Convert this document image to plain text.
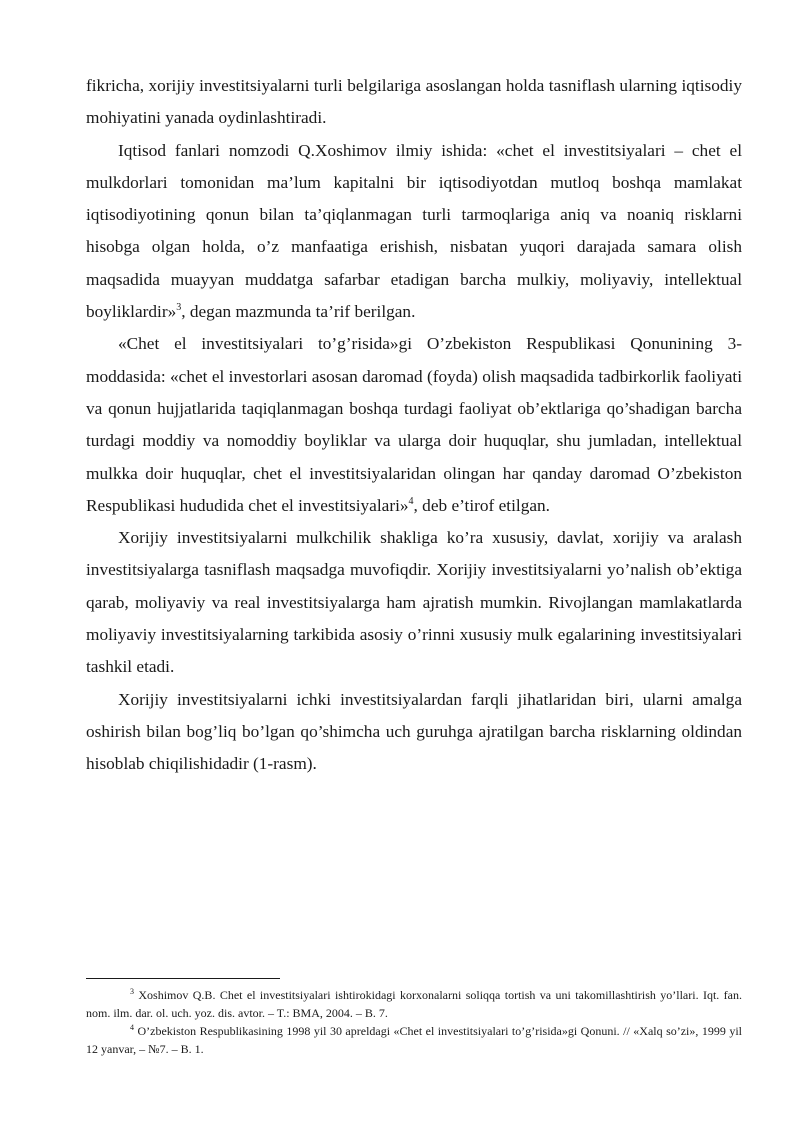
fikricha, xorijiy investitsiyalarni turli belgilariga asoslangan holda tasniflash ularning iqtisodiy mohiyatini yanada oydinlashtiradi.

Iqtisod fanlari nomzodi Q.Xoshimov ilmiy ishida: «chet el investitsiyalari – chet el mulkdorlari tomonidan ma’lum kapitalni bir iqtisodiyotdan mutloq boshqa mamlakat iqtisodiyotining qonun bilan ta’qiqlanmagan turli tarmoqlariga aniq va noaniq risklarni hisobga olgan holda, o’z manfaatiga erishish, nisbatan yuqori darajada samara olish maqsadida muayyan muddatga safarbar etadigan barcha mulkiy, moliyaviy, intellektual boyliklardir»$^3$, degan mazmunda ta’rif berilgan.

«Chet el investitsiyalari to’g’risida»gi O’zbekiston Respublikasi Qonunining 3-moddasida: «chet el investorlari asosan daromad (foyda) olish maqsadida tadbirkorlik faoliyati va qonun hujjatlarida taqiqlanmagan boshqa turdagi faoliyat ob’ektlariga qo’shadigan barcha turdagi moddiy va nomoddiy boyliklar va ularga doir huquqlar, shu jumladan, intellektual mulkka doir huquqlar, chet el investitsiyalaridan olingan har qanday daromad O’zbekiston Respublikasi hududida chet el investitsiyalari»$^4$, deb e’tirof etilgan.

Xorijiy investitsiyalarni mulkchilik shakliga ko’ra xususiy, davlat, xorijiy va aralash investitsiyalarga tasniflash maqsadga muvofiqdir. Xorijiy investitsiyalarni yo’nalish ob’ektiga qarab, moliyaviy va real investitsiyalarga ham ajratish mumkin. Rivojlangan mamlakatlarda moliyaviy investitsiyalarning tarkibida asosiy o’rinni xususiy mulk egalarining investitsiyalari tashkil etadi.

Xorijiy investitsiyalarni ichki investitsiyalardan farqli jihatlaridan biri, ularni amalga oshirish bilan bog’liq bo’lgan qo’shimcha uch guruhga ajratilgan barcha risklarning oldindan hisoblab chiqilishidadir (1-rasm).

$^3$ Xoshimov Q.B. Chet el investitsiyalari ishtirokidagi korxonalarni soliqqa tortish va uni takomillashtirish yo’llari. Iqt. fan. nom. ilm. dar. ol. uch. yoz. dis. avtor. – T.: BMA, 2004. – B. 7.

$^4$ O’zbekiston Respublikasining 1998 yil 30 apreldagi «Chet el investitsiyalari to’g’risida»gi Qonuni. // «Xalq so’zi», 1999 yil 12 yanvar, – №7. – B. 1.
